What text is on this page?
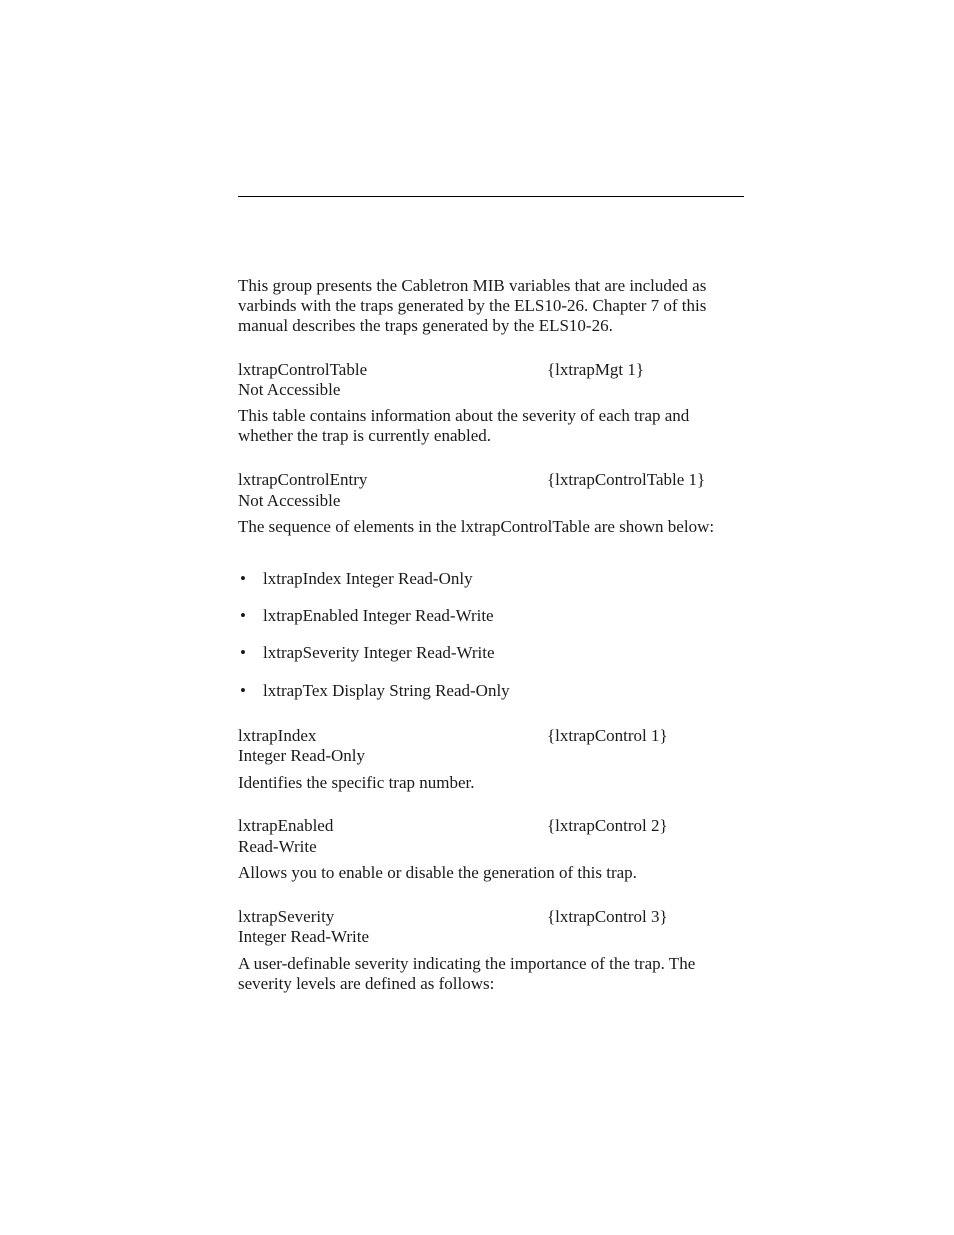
This group presents the Cabletron MIB variables that are included as varbinds with the traps generated by the ELS10-26. Chapter 7 of this manual describes the traps generated by the ELS10-26.

lxtrapControlTable	{lxtrapMgt 1}
Not Accessible

This table contains information about the severity of each trap and whether the trap is currently enabled.

lxtrapControlEntry	{lxtrapControlTable 1}
Not Accessible

The sequence of elements in the lxtrapControlTable are shown below:

• lxtrapIndex Integer Read-Only
• lxtrapEnabled Integer Read-Write
• lxtrapSeverity Integer Read-Write
• lxtrapTex Display String Read-Only
lxtrapIndex	{lxtrapControl 1}
Integer Read-Only

Identifies the specific trap number.

lxtrapEnabled	{lxtrapControl 2}
Read-Write

Allows you to enable or disable the generation of this trap.

lxtrapSeverity	{lxtrapControl 3}
Integer Read-Write

A user-definable severity indicating the importance of the trap. The severity levels are defined as follows:
